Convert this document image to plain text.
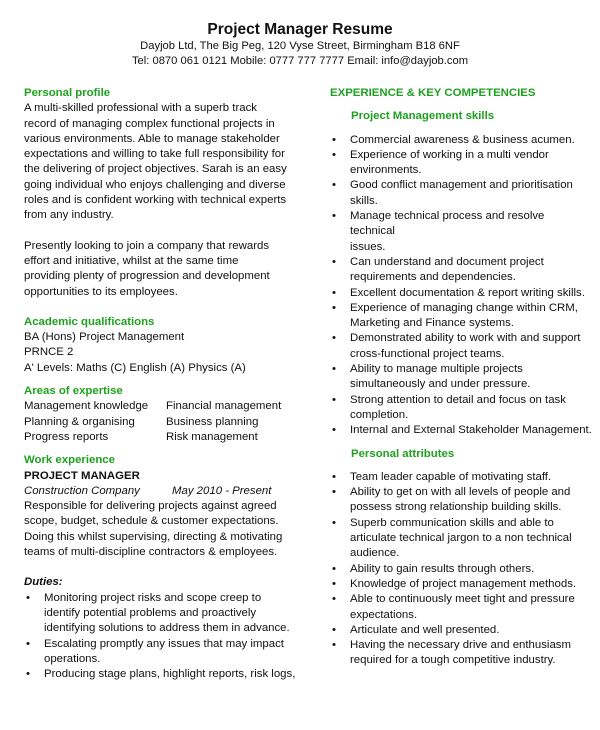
Project Manager Resume
Dayjob Ltd, The Big Peg, 120 Vyse Street, Birmingham B18 6NF
Tel: 0870 061 0121 Mobile: 0777 777 7777 Email: info@dayjob.com
Personal profile
A multi-skilled professional with a superb track
record of managing complex functional projects in
various environments. Able to manage stakeholder
expectations and willing to take full responsibility for
the delivering of project objectives. Sarah is an easy
going individual who enjoys challenging and diverse
roles and is confident working with technical experts
from any industry.
Presently looking to join a company that rewards
effort and initiative, whilst at the same time
providing plenty of progression and development
opportunities to its employees.
Academic qualifications
BA (Hons) Project Management
PRNCE 2
A' Levels: Maths (C) English (A) Physics (A)
Areas of expertise
Management knowledge	Financial management
Planning & organising	Business planning
Progress reports	Risk management
Work experience
PROJECT MANAGER
Construction Company	May 2010 - Present
Responsible for delivering projects against agreed
scope, budget, schedule & customer expectations.
Doing this whilst supervising, directing & motivating
teams of multi-discipline contractors & employees.
Duties:
• Monitoring project risks and scope creep to
identify potential problems and proactively
identifying solutions to address them in advance.
• Escalating promptly any issues that may impact
operations.
• Producing stage plans, highlight reports, risk logs,
EXPERIENCE & KEY COMPETENCIES
Project Management skills
• Commercial awareness & business acumen.
• Experience of working in a multi vendor
environments.
• Good conflict management and prioritisation
skills.
• Manage technical process and resolve technical
issues.
• Can understand and document project
requirements and dependencies.
• Excellent documentation & report writing skills.
• Experience of managing change within CRM,
Marketing and Finance systems.
• Demonstrated ability to work with and support
cross-functional project teams.
• Ability to manage multiple projects
simultaneously and under pressure.
• Strong attention to detail and focus on task
completion.
• Internal and External Stakeholder Management.
Personal attributes
• Team leader capable of motivating staff.
• Ability to get on with all levels of people and
possess strong relationship building skills.
• Superb communication skills and able to
articulate technical jargon to a non technical
audience.
• Ability to gain results through others.
• Knowledge of project management methods.
• Able to continuously meet tight and pressure
expectations.
• Articulate and well presented.
• Having the necessary drive and enthusiasm
required for a tough competitive industry.
